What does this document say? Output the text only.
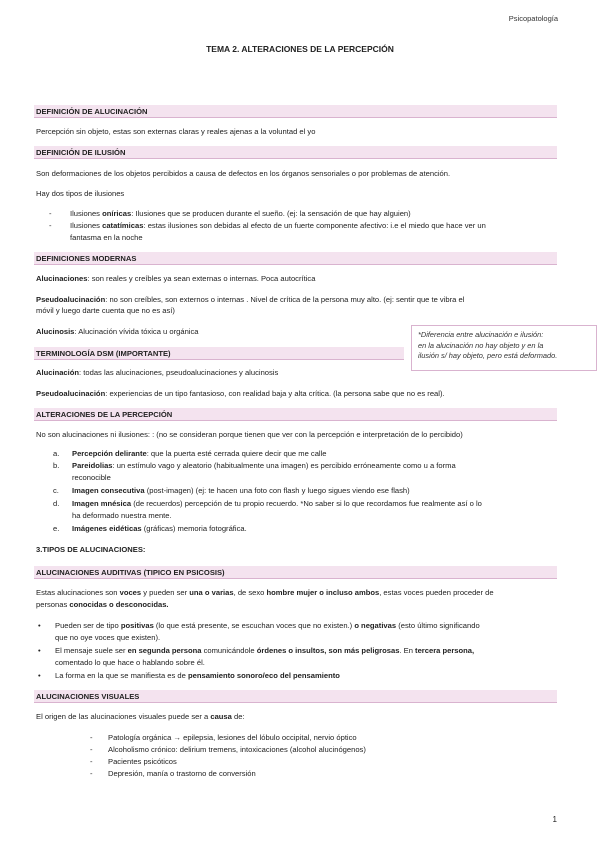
Psicopatología
TEMA 2. ALTERACIONES DE LA PERCEPCIÓN
DEFINICIÓN DE ALUCINACIÓN
Percepción sin objeto, estas son externas claras y reales ajenas a la voluntad el yo
DEFINICIÓN DE ILUSIÓN
Son deformaciones de los objetos percibidos a causa de defectos en los órganos sensoriales o por problemas de atención.
Hay dos tipos de ilusiones
- Ilusiones oníricas: Ilusiones que se producen durante el sueño. (ej: la sensación de que hay alguien)
- Ilusiones catatímicas: estas ilusiones son debidas al efecto de un fuerte componente afectivo: i.e el miedo que hace ver un
fantasma en la noche
DEFINICIONES MODERNAS
Alucinaciones: son reales y creíbles ya sean externas o internas. Poca autocrítica
Pseudoalucinación: no son creíbles, son externos o internas . Nivel de crítica de la persona muy alto. (ej: sentir que te vibra el
móvil y luego darte cuenta que no es así)
Alucinosis: Alucinación vívida tóxica u orgánica	*Diferencia entre alucinación e ilusión:
en la alucinación no hay objeto y en la
ilusión s/ hay objeto, pero está deformado.
TERMINOLOGÍA DSM (IMPORTANTE)
Alucinación: todas las alucinaciones, pseudoalucinaciones y alucinosis
Pseudoalucinación: experiencias de un tipo fantasioso, con realidad baja y alta crítica. (la persona sabe que no es real).
ALTERACIONES DE LA PERCEPCIÓN
No son alucinaciones ni ilusiones: : (no se consideran porque tienen que ver con la percepción e interpretación de lo percibido)
a. Percepción delirante: que la puerta esté cerrada quiere decir que me calle
b. Pareidolias: un estímulo vago y aleatorio (habitualmente una imagen) es percibido erróneamente como u a forma
reconocible
c. Imagen consecutiva (post-imagen) (ej: te hacen una foto con flash y luego sigues viendo ese flash)
d. Imagen mnésica (de recuerdos) percepción de tu propio recuerdo. *No saber si lo que recordamos fue realmente así o lo
ha deformado nuestra mente.
e. Imágenes eidéticas (gráficas) memoria fotográfica.
3.TIPOS DE ALUCINACIONES:
ALUCINACIONES AUDITIVAS (TIPICO EN PSICOSIS)
Estas alucinaciones son voces y pueden ser una o varias, de sexo hombre mujer o incluso ambos, estas voces pueden proceder de
personas conocidas o desconocidas.
• Pueden ser de tipo positivas (lo que está presente, se escuchan voces que no existen.) o negativas (esto último significando
que no oye voces que existen).
• El mensaje suele ser en segunda persona comunicándole órdenes o insultos, son más peligrosas. En tercera persona,
comentado lo que hace o hablando sobre él.
• La forma en la que se manifiesta es de pensamiento sonoro/eco del pensamiento
ALUCINACIONES VISUALES
El origen de las alucinaciones visuales puede ser a causa de:
- Patología orgánica → epilepsia, lesiones del lóbulo occipital, nervio óptico
- Alcoholismo crónico: delirium tremens, intoxicaciones (alcohol alucinógenos)
- Pacientes psicóticos
- Depresión, manía o trastorno de conversión
1
